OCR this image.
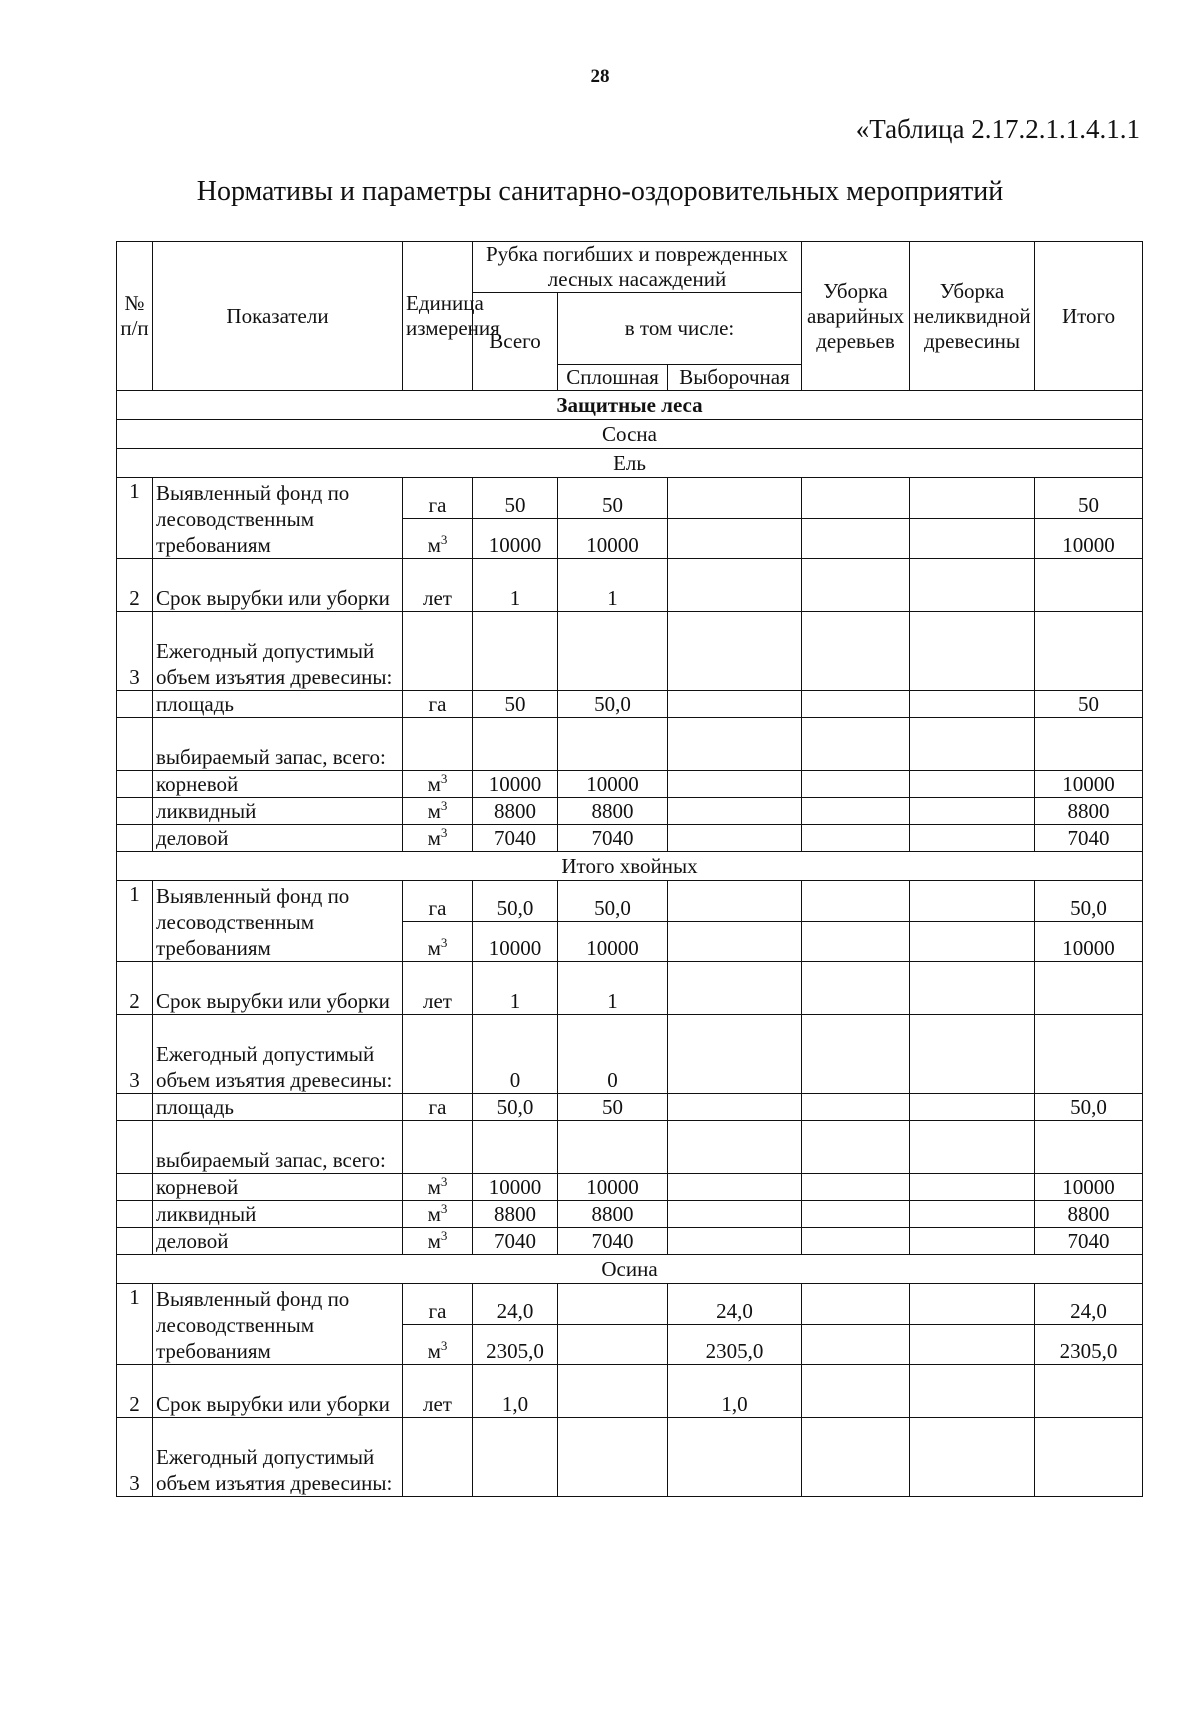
28
«Таблица 2.17.2.1.1.4.1.1
Нормативы и параметры санитарно-оздоровительных мероприятий
№ п/п	Показатели	Единица измерения	Рубка погибших и поврежденных лесных насаждений			Уборка аварийных деревьев	Уборка неликвидной древесины	Итого
			Всего	в том числе:				
				Сплошная	Выборочная			
Защитные леса								
Сосна								
Ель								
1	Выявленный фонд по лесоводственным требованиям	га	50	50				50
		$м^3$	10000	10000				10000
2	Срок вырубки или уборки	лет	1	1				
3	Ежегодный допустимый объем изъятия древесины:							
	площадь	га	50	50,0				50
	выбираемый запас, всего:							
	корневой	$м^3$	10000	10000				10000
	ликвидный	$м^3$	8800	8800				8800
	деловой	$м^3$	7040	7040				7040
Итого хвойных								
1	Выявленный фонд по лесоводственным требованиям	га	50,0	50,0				50,0
		$м^3$	10000	10000				10000
2	Срок вырубки или уборки	лет	1	1				
3	Ежегодный допустимый объем изъятия древесины:		0	0				
	площадь	га	50,0	50				50,0
	выбираемый запас, всего:							
	корневой	$м^3$	10000	10000				10000
	ликвидный	$м^3$	8800	8800				8800
	деловой	$м^3$	7040	7040				7040
Осина								
1	Выявленный фонд по лесоводственным требованиям	га	24,0		24,0			24,0
		$м^3$	2305,0		2305,0			2305,0
2	Срок вырубки или уборки	лет	1,0		1,0			
3	Ежегодный допустимый объем изъятия древесины:							
